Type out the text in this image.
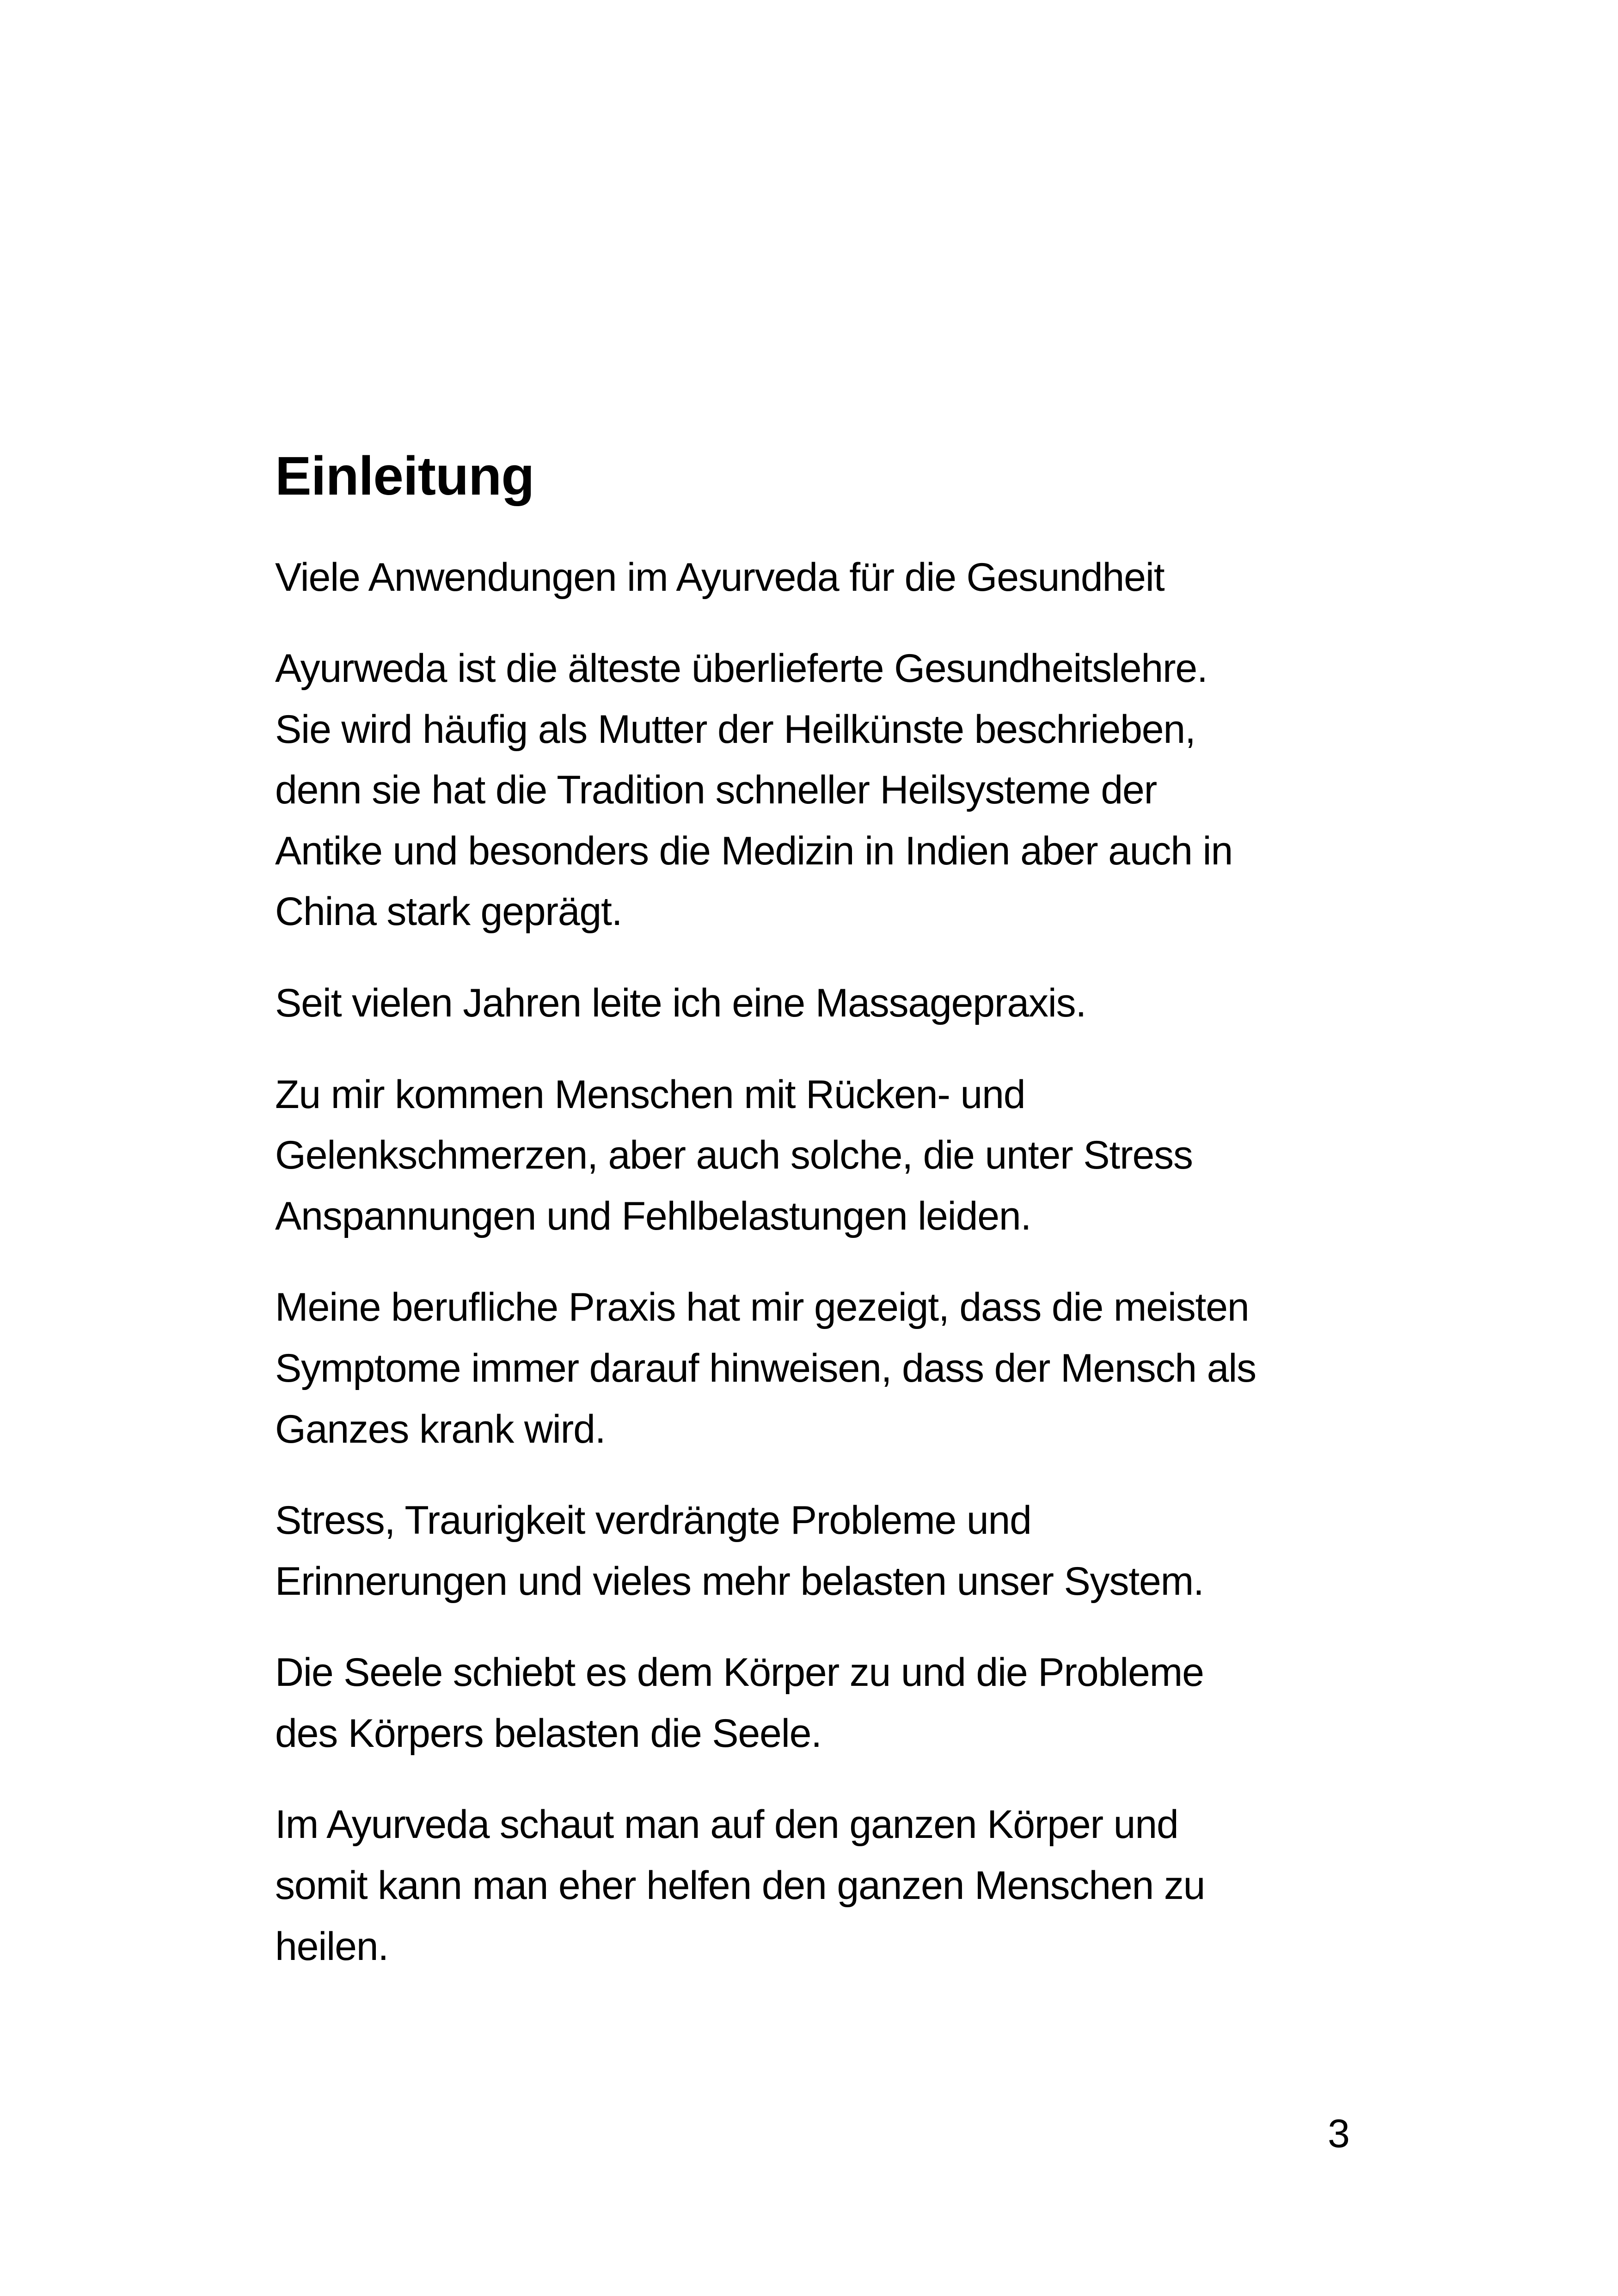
Einleitung

Viele Anwendungen im Ayurveda für die Gesundheit

Ayurweda ist die älteste überlieferte Gesundheitslehre.
Sie wird häufig als Mutter der Heilkünste beschrieben,
denn sie hat die Tradition schneller Heilsysteme der
Antike und besonders die Medizin in Indien aber auch in
China stark geprägt.

Seit vielen Jahren leite ich eine Massagepraxis.

Zu mir kommen Menschen mit Rücken- und
Gelenkschmerzen, aber auch solche, die unter Stress
Anspannungen und Fehlbelastungen leiden.

Meine berufliche Praxis hat mir gezeigt, dass die meisten
Symptome immer darauf hinweisen, dass der Mensch als
Ganzes krank wird.

Stress, Traurigkeit verdrängte Probleme und
Erinnerungen und vieles mehr belasten unser System.

Die Seele schiebt es dem Körper zu und die Probleme
des Körpers belasten die Seele.

Im Ayurveda schaut man auf den ganzen Körper und
somit kann man eher helfen den ganzen Menschen zu
heilen.

3
